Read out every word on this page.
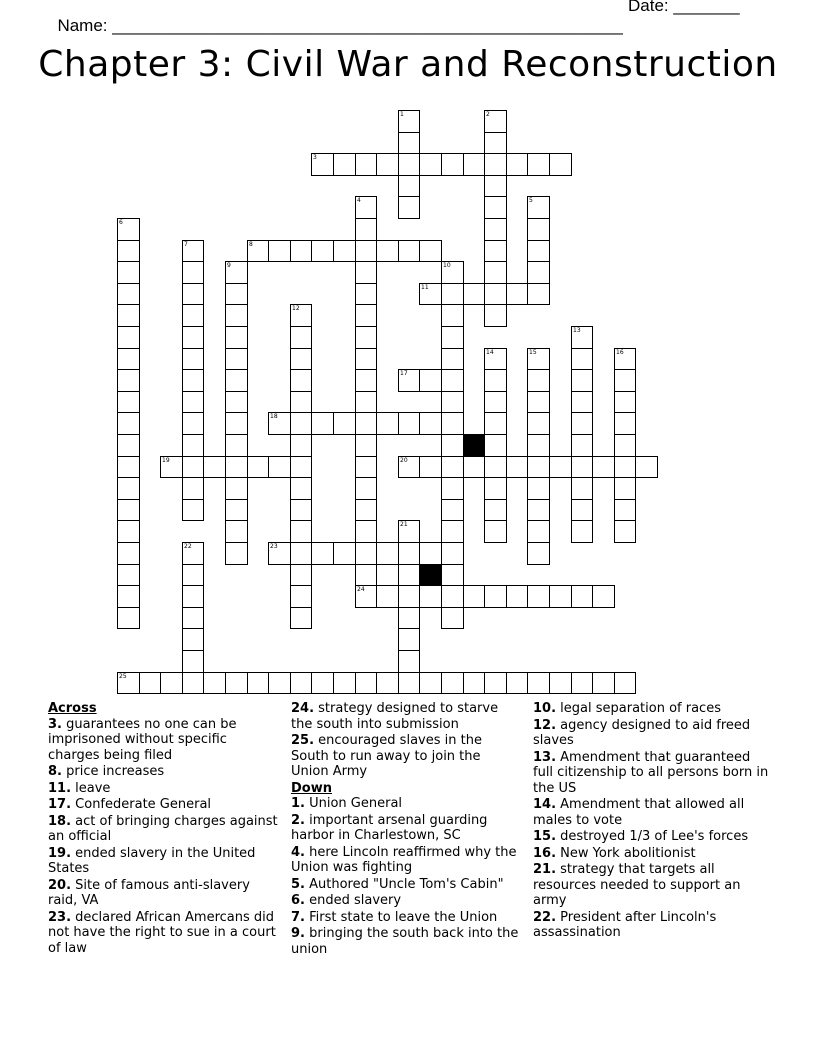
Name: ______________________________________________________

Date: _______

Chapter 3: Civil War and Reconstruction
1	2
3
4
24
5
6
7	8
9	10
11
12
13
14	15	16
17
18
19	20
21
22	23
25
Across
3. guarantees no one can be imprisoned without specific charges being filed
8. price increases
11. leave
17. Confederate General
18. act of bringing charges against an official
19. ended slavery in the United States
20. Site of famous anti-slavery raid, VA
23. declared African Amercans did not have the right to sue in a court of law
24. strategy designed to starve the south into submission
25. encouraged slaves in the South to run away to join the Union Army
Down
1. Union General
2. important arsenal guarding harbor in Charlestown, SC
4. here Lincoln reaffirmed why the Union was fighting
5. Authored "Uncle Tom's Cabin"
6. ended slavery
7. First state to leave the Union
9. bringing the south back into the union
10. legal separation of races
12. agency designed to aid freed slaves
13. Amendment that guaranteed full citizenship to all persons born in the US
14. Amendment that allowed all males to vote
15. destroyed 1/3 of Lee's forces
16. New York abolitionist
21. strategy that targets all resources needed to support an army
22. President after Lincoln's assassination
